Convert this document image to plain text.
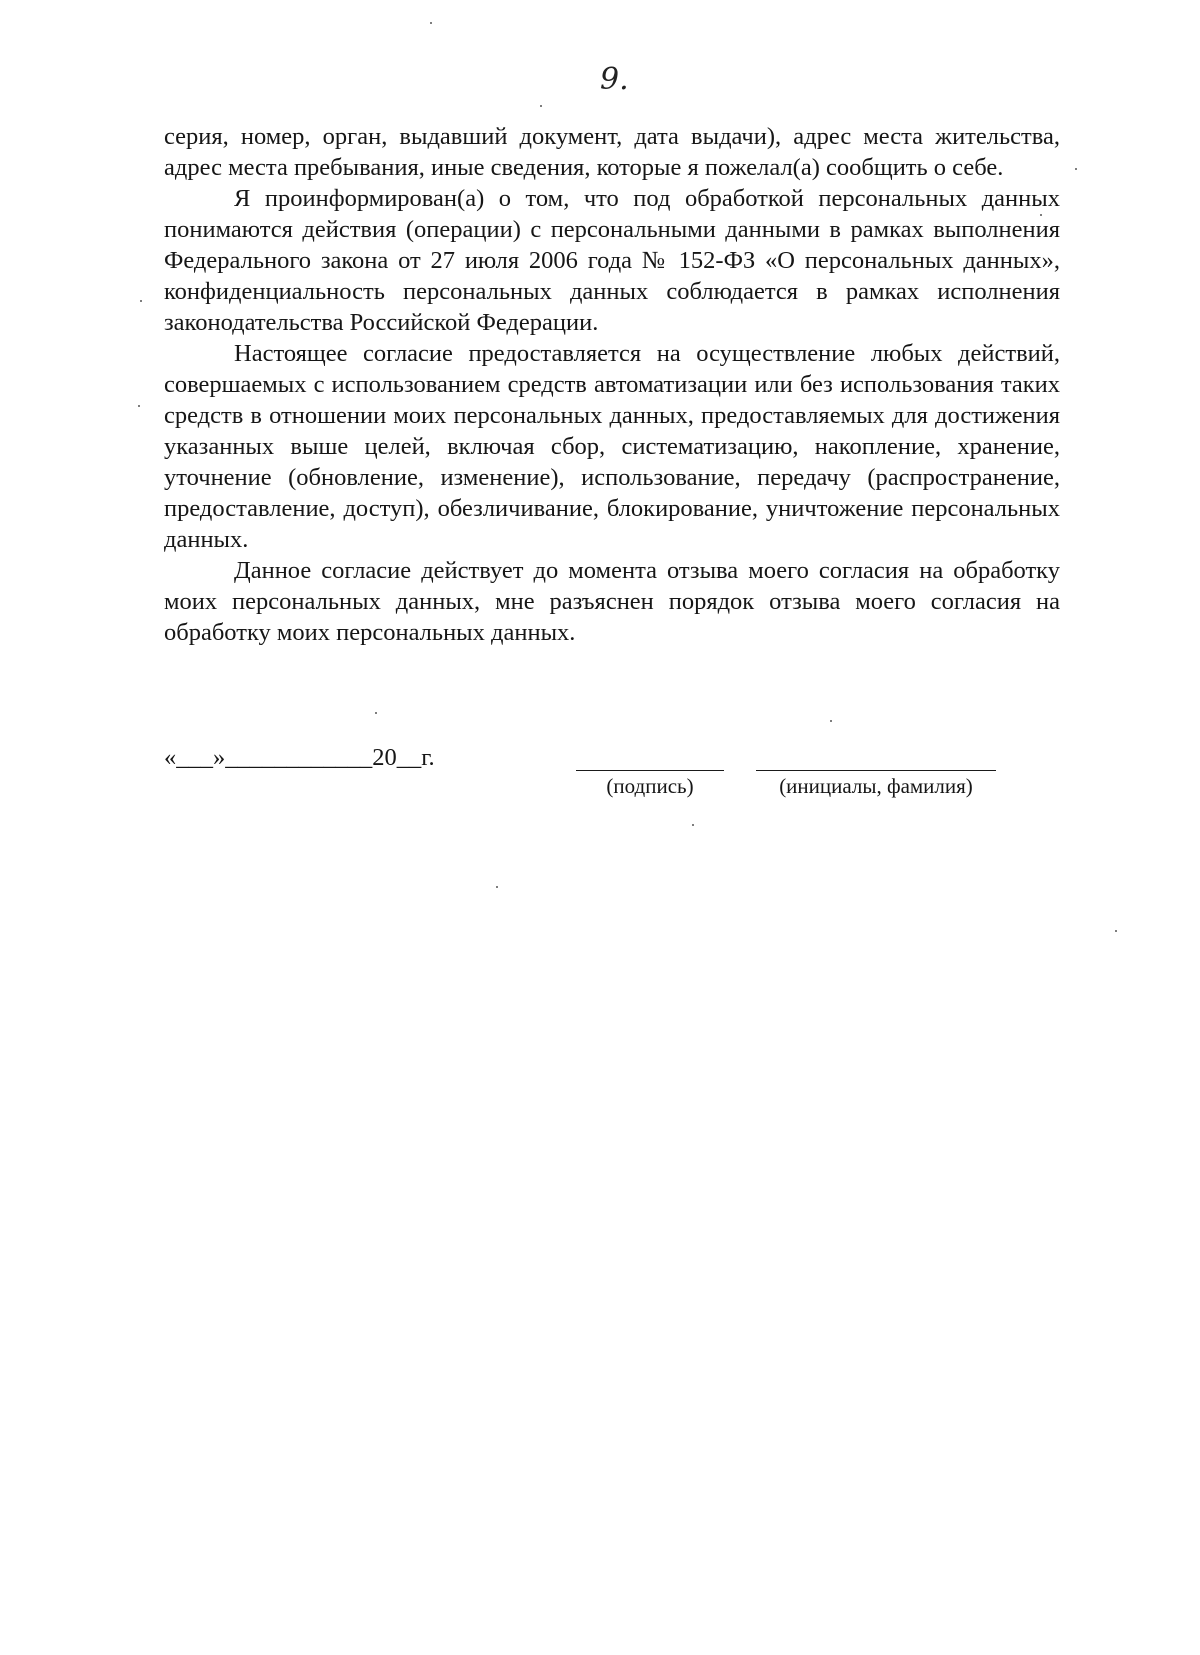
9.

серия, номер, орган, выдавший документ, дата выдачи), адрес места жительства, адрес места пребывания, иные сведения, которые я пожелал(а) сообщить о себе.

Я проинформирован(а) о том, что под обработкой персональных данных понимаются действия (операции) с персональными данными в рамках выполнения Федерального закона от 27 июля 2006 года № 152-ФЗ «О персональных данных», конфиденциальность персональных данных соблюдается в рамках исполнения законодательства Российской Федерации.

Настоящее согласие предоставляется на осуществление любых действий, совершаемых с использованием средств автоматизации или без использования таких средств в отношении моих персональных данных, предоставляемых для достижения указанных выше целей, включая сбор, систематизацию, накопление, хранение, уточнение (обновление, изменение), использование, передачу (распространение, предоставление, доступ), обезличивание, блокирование, уничтожение персональных данных.

Данное согласие действует до момента отзыва моего согласия на обработку моих персональных данных, мне разъяснен порядок отзыва моего согласия на обработку моих персональных данных.

«___»____________20__г.
(подпись)	(инициалы, фамилия)
